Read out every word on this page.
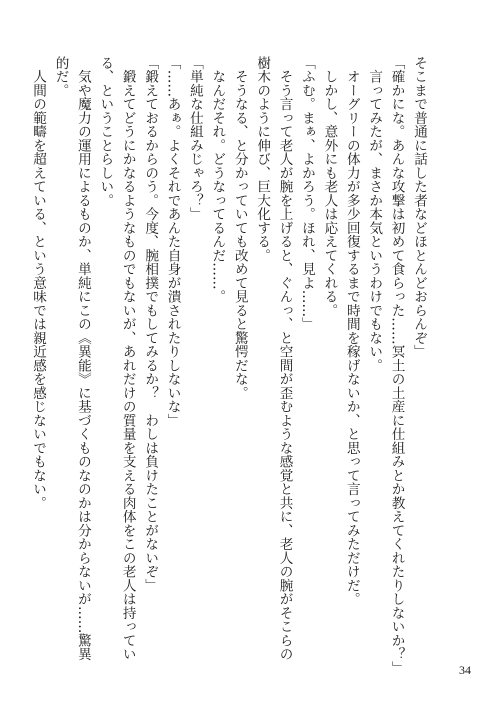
そこまで普通に話した者などほとんどおらんぞ」
「確かにな。あんな攻撃は初めて食らった……冥土の土産に仕組みとか教えてくれたりしないか？」
　言ってみたが、まさか本気というわけでもない。
　オーグリーの体力が多少回復するまで時間を稼げないか、と思って言ってみただけだ。
　しかし、意外にも老人は応えてくれる。
「ふむ。まぁ、よかろう。ほれ、見よ……」
　そう言って老人が腕を上げると、ぐんっ、と空間が歪むような感覚と共に、老人の腕がそこらの
樹木のように伸び、巨大化する。
　そうなる、と分かっていても改めて見ると驚愕だな。
　なんだそれ。どうなってるんだ……。
「単純な仕組みじゃろ？」
「……あぁ。よくそれであんた自身が潰されたりしないな」
「鍛えておるからのう。今度、腕相撲でもしてみるか？　わしは負けたことがないぞ」
　鍛えてどうにかなるようなものでもないが、あれだけの質量を支える肉体をこの老人は持ってい
る、ということらしい。
　気や魔力の運用によるものか、単純にこの《異能》に基づくものなのかは分からないが……驚異
的だ。
　人間の範疇を超えている、という意味では親近感を感じないでもない。
34
